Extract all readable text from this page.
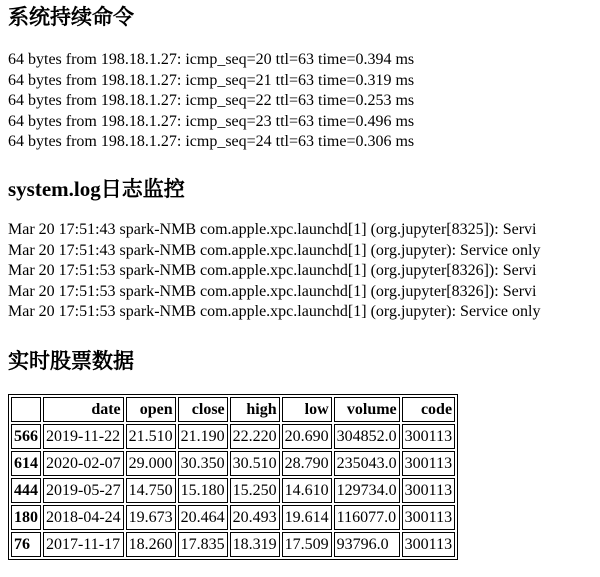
系统持续命令
64 bytes from 198.18.1.27: icmp_seq=20 ttl=63 time=0.394 ms
64 bytes from 198.18.1.27: icmp_seq=21 ttl=63 time=0.319 ms
64 bytes from 198.18.1.27: icmp_seq=22 ttl=63 time=0.253 ms
64 bytes from 198.18.1.27: icmp_seq=23 ttl=63 time=0.496 ms
64 bytes from 198.18.1.27: icmp_seq=24 ttl=63 time=0.306 ms
system.log日志监控
Mar 20 17:51:43 spark-NMB com.apple.xpc.launchd[1] (org.jupyter[8325]): Servi
Mar 20 17:51:43 spark-NMB com.apple.xpc.launchd[1] (org.jupyter): Service only
Mar 20 17:51:53 spark-NMB com.apple.xpc.launchd[1] (org.jupyter[8326]): Servi
Mar 20 17:51:53 spark-NMB com.apple.xpc.launchd[1] (org.jupyter[8326]): Servi
Mar 20 17:51:53 spark-NMB com.apple.xpc.launchd[1] (org.jupyter): Service only
实时股票数据
	date	open	close	high	low	volume	code
566	2019-11-22	21.510	21.190	22.220	20.690	304852.0	300113
614	2020-02-07	29.000	30.350	30.510	28.790	235043.0	300113
444	2019-05-27	14.750	15.180	15.250	14.610	129734.0	300113
180	2018-04-24	19.673	20.464	20.493	19.614	116077.0	300113
76	2017-11-17	18.260	17.835	18.319	17.509	93796.0	300113
